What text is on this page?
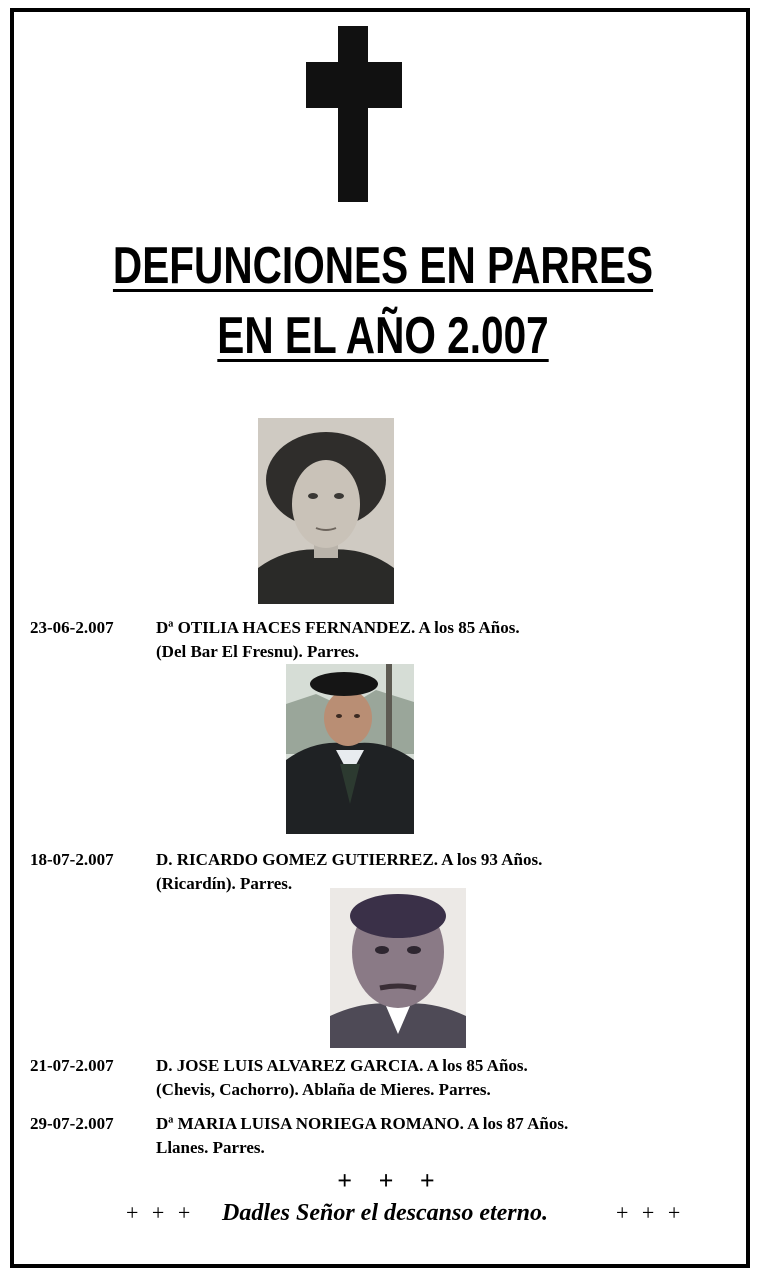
DEFUNCIONES EN PARRES
EN EL AÑO 2.007
23-06-2.007 Dª OTILIA HACES FERNANDEZ. A los 85 Años.
(Del Bar El Fresnu). Parres.
18-07-2.007 D. RICARDO GOMEZ GUTIERREZ. A los 93 Años.
(Ricardín). Parres.
21-07-2.007 D. JOSE LUIS ALVAREZ GARCIA. A los 85 Años.
(Chevis, Cachorro). Ablaña de Mieres. Parres.
29-07-2.007 Dª MARIA LUISA NORIEGA ROMANO. A los 87 Años.
Llanes. Parres.
+ + +
+ + + Dadles Señor el descanso eterno.	+ + +
